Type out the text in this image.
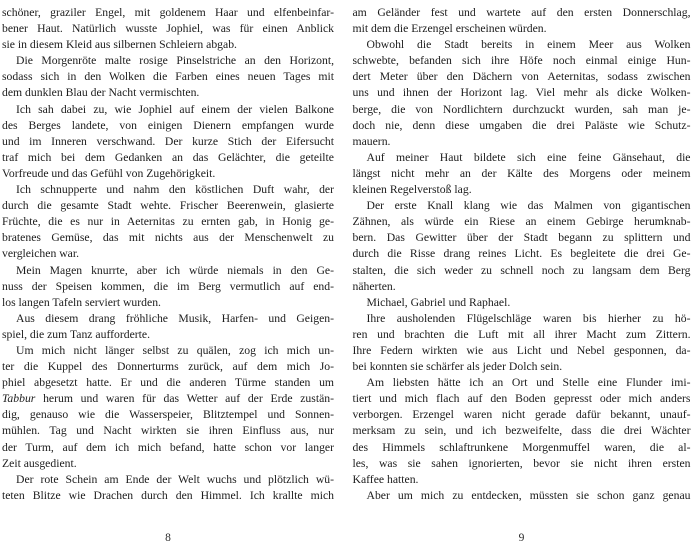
schöner, graziler Engel, mit goldenem Haar und elfenbeinfar-
bener Haut. Natürlich wusste Jophiel, was für einen Anblick
sie in diesem Kleid aus silbernen Schleiern abgab.
Die Morgenröte malte rosige Pinselstriche an den Horizont,
sodass sich in den Wolken die Farben eines neuen Tages mit
dem dunklen Blau der Nacht vermischten.
Ich sah dabei zu, wie Jophiel auf einem der vielen Balkone
des Berges landete, von einigen Dienern empfangen wurde
und im Inneren verschwand. Der kurze Stich der Eifersucht
traf mich bei dem Gedanken an das Gelächter, die geteilte
Vorfreude und das Gefühl von Zugehörigkeit.
Ich schnupperte und nahm den köstlichen Duft wahr, der
durch die gesamte Stadt wehte. Frischer Beerenwein, glasierte
Früchte, die es nur in Aeternitas zu ernten gab, in Honig ge-
bratenes Gemüse, das mit nichts aus der Menschenwelt zu
vergleichen war.
Mein Magen knurrte, aber ich würde niemals in den Ge-
nuss der Speisen kommen, die im Berg vermutlich auf end-
los langen Tafeln serviert wurden.
Aus diesem drang fröhliche Musik, Harfen- und Geigen-
spiel, die zum Tanz aufforderte.
Um mich nicht länger selbst zu quälen, zog ich mich un-
ter die Kuppel des Donnerturms zurück, auf dem mich Jo-
phiel abgesetzt hatte. Er und die anderen Türme standen um
Tabbur herum und waren für das Wetter auf der Erde zustän-
dig, genauso wie die Wasserspeier, Blitztempel und Sonnen-
mühlen. Tag und Nacht wirkten sie ihren Einfluss aus, nur
der Turm, auf dem ich mich befand, hatte schon vor langer
Zeit ausgedient.
Der rote Schein am Ende der Welt wuchs und plötzlich wü-
teten Blitze wie Drachen durch den Himmel. Ich krallte mich
8
am Geländer fest und wartete auf den ersten Donnerschlag,
mit dem die Erzengel erscheinen würden.
Obwohl die Stadt bereits in einem Meer aus Wolken
schwebte, befanden sich ihre Höfe noch einmal einige Hun-
dert Meter über den Dächern von Aeternitas, sodass zwischen
uns und ihnen der Horizont lag. Viel mehr als dicke Wolken-
berge, die von Nordlichtern durchzuckt wurden, sah man je-
doch nie, denn diese umgaben die drei Paläste wie Schutz-
mauern.
Auf meiner Haut bildete sich eine feine Gänsehaut, die
längst nicht mehr an der Kälte des Morgens oder meinem
kleinen Regelverstoß lag.
Der erste Knall klang wie das Malmen von gigantischen
Zähnen, als würde ein Riese an einem Gebirge herumknab-
bern. Das Gewitter über der Stadt begann zu splittern und
durch die Risse drang reines Licht. Es begleitete die drei Ge-
stalten, die sich weder zu schnell noch zu langsam dem Berg
näherten.
Michael, Gabriel und Raphael.
Ihre ausholenden Flügelschläge waren bis hierher zu hö-
ren und brachten die Luft mit all ihrer Macht zum Zittern.
Ihre Federn wirkten wie aus Licht und Nebel gesponnen, da-
bei konnten sie schärfer als jeder Dolch sein.
Am liebsten hätte ich an Ort und Stelle eine Flunder imi-
tiert und mich flach auf den Boden gepresst oder mich anders
verborgen. Erzengel waren nicht gerade dafür bekannt, unauf-
merksam zu sein, und ich bezweifelte, dass die drei Wächter
des Himmels schlaftrunkene Morgenmuffel waren, die al-
les, was sie sahen ignorierten, bevor sie nicht ihren ersten
Kaffee hatten.
Aber um mich zu entdecken, müssten sie schon ganz genau
9
